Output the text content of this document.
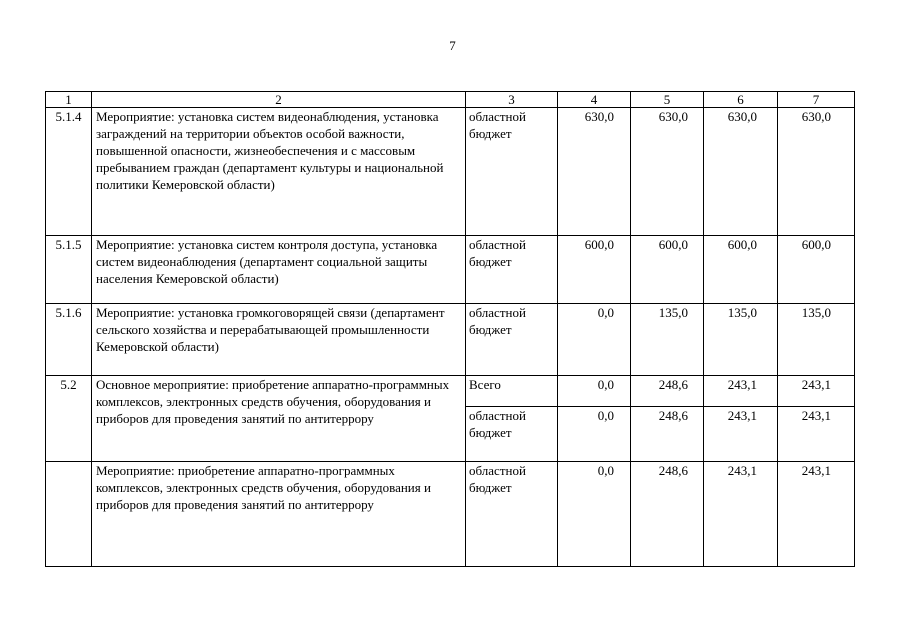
7
1	2	3	4	5	6	7
5.1.4	Мероприятие: установка систем видеонаблюдения, установка заграждений на территории объектов особой важности, повышенной опасности, жизнеобеспечения и с массовым пребыванием граждан (департамент культуры и национальной политики Кемеровской области)	областной бюджет	630,0	630,0	630,0	630,0
5.1.5	Мероприятие: установка систем контроля доступа, установка систем видеонаблюдения (департамент социальной защиты населения Кемеровской области)	областной бюджет	600,0	600,0	600,0	600,0
5.1.6	Мероприятие: установка громкоговорящей связи (департамент сельского хозяйства и перерабатывающей промышленности Кемеровской области)	областной бюджет	0,0	135,0	135,0	135,0
5.2	Основное мероприятие: приобретение аппаратно-программных комплексов, электронных средств обучения, оборудования и приборов для проведения занятий по антитеррору	Всего	0,0	248,6	243,1	243,1
		областной бюджет	0,0	248,6	243,1	243,1
	Мероприятие: приобретение аппаратно-программных комплексов, электронных средств обучения, оборудования и приборов для проведения занятий по антитеррору	областной бюджет	0,0	248,6	243,1	243,1
